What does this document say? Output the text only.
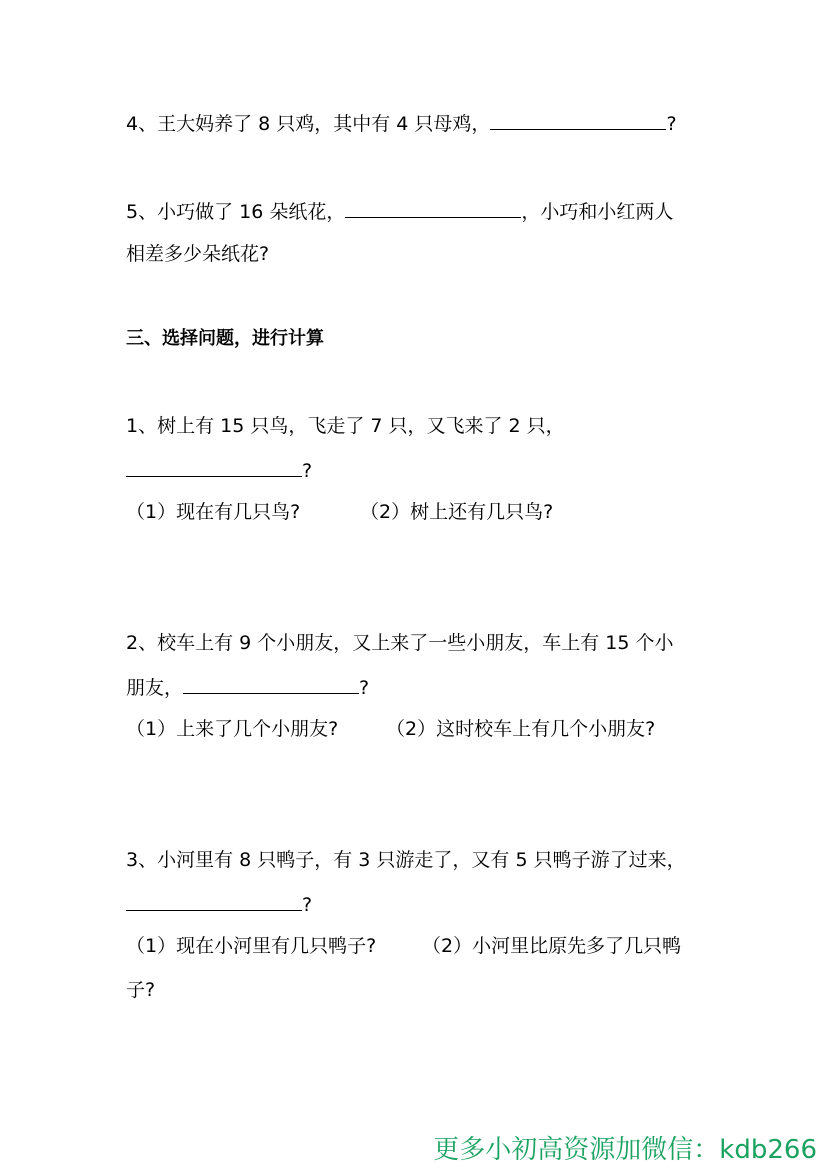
4、王大妈养了 8 只鸡，其中有 4 只母鸡，	?
5、小巧做了 16 朵纸花，	，小巧和小红两人
相差多少朵纸花?
三、选择问题，进行计算
1、树上有 15 只鸟，飞走了 7 只，又飞来了 2 只，
?
（1）现在有几只鸟?	（2）树上还有几只鸟?
2、校车上有 9 个小朋友，又上来了一些小朋友，车上有 15 个小
朋友，	?
（1）上来了几个小朋友?	（2）这时校车上有几个小朋友?
3、小河里有 8 只鸭子，有 3 只游走了，又有 5 只鸭子游了过来，
?
（1）现在小河里有几只鸭子? （2）小河里比原先多了几只鸭
子?
更多小初高资源加微信：kdb266
